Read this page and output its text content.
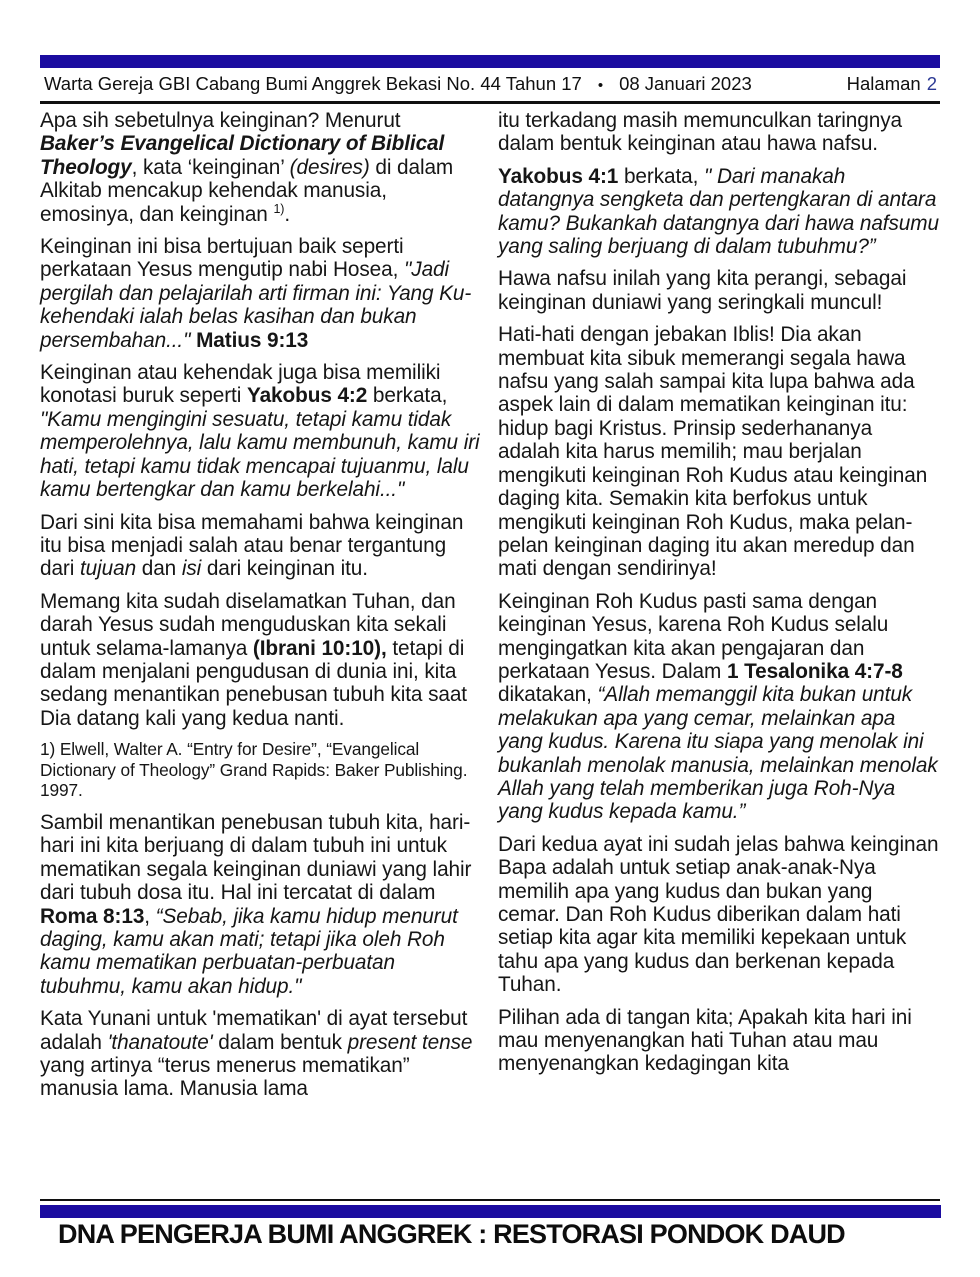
Warta Gereja GBI Cabang Bumi Anggrek Bekasi No. 44 Tahun 17 • 08 Januari 2023	Halaman 2

Apa sih sebetulnya keinginan? Menurut Baker’s Evangelical Dictionary of Biblical Theology, kata ‘keinginan’ (desires) di dalam Alkitab mencakup kehendak manusia, emosinya, dan keinginan $^{1)}$.

Keinginan ini bisa bertujuan baik seperti perkataan Yesus mengutip nabi Hosea, "Jadi pergilah dan pelajarilah arti firman ini: Yang Ku-kehendaki ialah belas kasihan dan bukan persembahan..." Matius 9:13

Keinginan atau kehendak juga bisa memiliki konotasi buruk seperti Yakobus 4:2 berkata, "Kamu mengingini sesuatu, tetapi kamu tidak memperolehnya, lalu kamu membunuh, kamu iri hati, tetapi kamu tidak mencapai tujuanmu, lalu kamu bertengkar dan kamu berkelahi..."

Dari sini kita bisa memahami bahwa keinginan itu bisa menjadi salah atau benar tergantung dari tujuan dan isi dari keinginan itu.

Memang kita sudah diselamatkan Tuhan, dan darah Yesus sudah menguduskan kita sekali untuk selama-lamanya (Ibrani 10:10), tetapi di dalam menjalani pengudusan di dunia ini, kita sedang menantikan penebusan tubuh kita saat Dia datang kali yang kedua nanti.

1) Elwell, Walter A. “Entry for Desire”, “Evangelical Dictionary of Theology” Grand Rapids: Baker Publishing. 1997.

Sambil menantikan penebusan tubuh kita, hari-hari ini kita berjuang di dalam tubuh ini untuk mematikan segala keinginan duniawi yang lahir dari tubuh dosa itu. Hal ini tercatat di dalam Roma 8:13, “Sebab, jika kamu hidup menurut daging, kamu akan mati; tetapi jika oleh Roh kamu mematikan perbuatan-perbuatan tubuhmu, kamu akan hidup."

Kata Yunani untuk 'mematikan' di ayat tersebut adalah 'thanatoute' dalam bentuk present tense yang artinya “terus menerus mematikan” manusia lama. Manusia lama

itu terkadang masih memunculkan taringnya dalam bentuk keinginan atau hawa nafsu.

Yakobus 4:1 berkata, " Dari manakah datangnya sengketa dan pertengkaran di antara kamu? Bukankah datangnya dari hawa nafsumu yang saling berjuang di dalam tubuhmu?”

Hawa nafsu inilah yang kita perangi, sebagai keinginan duniawi yang seringkali muncul!

Hati-hati dengan jebakan Iblis! Dia akan membuat kita sibuk memerangi segala hawa nafsu yang salah sampai kita lupa bahwa ada aspek lain di dalam mematikan keinginan itu: hidup bagi Kristus. Prinsip sederhananya adalah kita harus memilih; mau berjalan mengikuti keinginan Roh Kudus atau keinginan daging kita. Semakin kita berfokus untuk mengikuti keinginan Roh Kudus, maka pelan-pelan keinginan daging itu akan meredup dan mati dengan sendirinya!

Keinginan Roh Kudus pasti sama dengan keinginan Yesus, karena Roh Kudus selalu mengingatkan kita akan pengajaran dan perkataan Yesus. Dalam 1 Tesalonika 4:7-8 dikatakan, “Allah memanggil kita bukan untuk melakukan apa yang cemar, melainkan apa yang kudus. Karena itu siapa yang menolak ini bukanlah menolak manusia, melainkan menolak Allah yang telah memberikan juga Roh-Nya yang kudus kepada kamu.”

Dari kedua ayat ini sudah jelas bahwa keinginan Bapa adalah untuk setiap anak-anak-Nya memilih apa yang kudus dan bukan yang cemar. Dan Roh Kudus diberikan dalam hati setiap kita agar kita memiliki kepekaan untuk tahu apa yang kudus dan berkenan kepada Tuhan.

Pilihan ada di tangan kita; Apakah kita hari ini mau menyenangkan hati Tuhan atau mau menyenangkan kedagingan kita

DNA PENGERJA BUMI ANGGREK : RESTORASI PONDOK DAUD
